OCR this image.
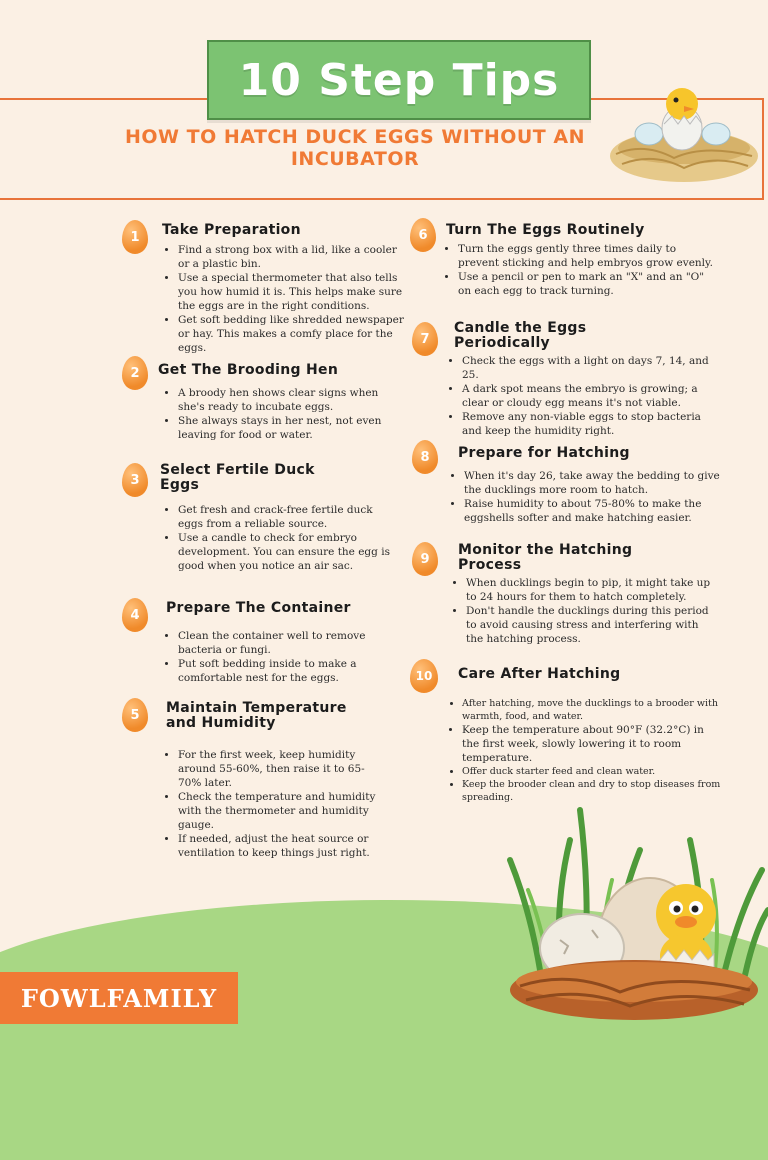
10 Step Tips
HOW TO HATCH DUCK EGGS WITHOUT AN INCUBATOR
1	Take Preparation
• Find a strong box with a lid, like a cooler or a plastic bin.
• Use a special thermometer that also tells you how humid it is. This helps make sure the eggs are in the right conditions.
• Get soft bedding like shredded newspaper or hay. This makes a comfy place for the eggs.
2	Get The Brooding Hen
• A broody hen shows clear signs when she's ready to incubate eggs.
• She always stays in her nest, not even leaving for food or water.
3
Select Fertile Duck Eggs
• Get fresh and crack-free fertile duck eggs from a reliable source.
• Use a candle to check for embryo development. You can ensure the egg is good when you notice an air sac.
4	Prepare The Container
• Clean the container well to remove bacteria or fungi.
• Put soft bedding inside to make a comfortable nest for the eggs.
5	Maintain Temperature and Humidity
• For the first week, keep humidity around 55-60%, then raise it to 65-70% later.
• Check the temperature and humidity with the thermometer and humidity gauge.
• If needed, adjust the heat source or ventilation to keep things just right.
6	Turn The Eggs Routinely
• Turn the eggs gently three times daily to prevent sticking and help embryos grow evenly.
• Use a pencil or pen to mark an "X" and an "O" on each egg to track turning.
7
Candle the Eggs Periodically
• Check the eggs with a light on days 7, 14, and 25.
• A dark spot means the embryo is growing; a clear or cloudy egg means it's not viable.
• Remove any non-viable eggs to stop bacteria and keep the humidity right.
8	Prepare for Hatching
• When it's day 26, take away the bedding to give the ducklings more room to hatch.
• Raise humidity to about 75-80% to make the eggshells softer and make hatching easier.
9
Monitor the Hatching Process
• When ducklings begin to pip, it might take up to 24 hours for them to hatch completely.
• Don't handle the ducklings during this period to avoid causing stress and interfering with the hatching process.
10	Care After Hatching
• After hatching, move the ducklings to a brooder with warmth, food, and water.
• Keep the temperature about 90°F (32.2°C) in the first week, slowly lowering it to room temperature.
• Offer duck starter feed and clean water.
• Keep the brooder clean and dry to stop diseases from spreading.
FOWLFAMILY
